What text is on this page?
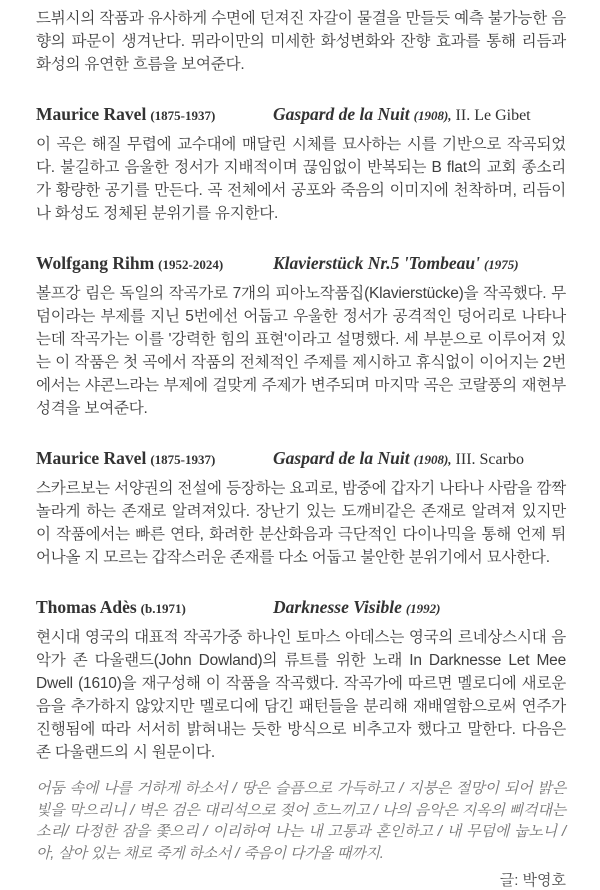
드뷔시의 작품과 유사하게 수면에 던져진 자갈이 물결을 만들듯 예측 불가능한 음향의 파문이 생겨난다. 뮈라이만의 미세한 화성변화와 잔향 효과를 통해 리듬과 화성의 유연한 흐름을 보여준다.

Maurice Ravel (1875-1937)	Gaspard de la Nuit (1908), II. Le Gibet

이 곡은 해질 무렵에 교수대에 매달린 시체를 묘사하는 시를 기반으로 작곡되었다. 불길하고 음울한 정서가 지배적이며 끊임없이 반복되는 B flat의 교회 종소리가 황량한 공기를 만든다. 곡 전체에서 공포와 죽음의 이미지에 천착하며, 리듬이나 화성도 정체된 분위기를 유지한다.

Wolfgang Rihm (1952-2024)	Klavierstück Nr.5 'Tombeau' (1975)

볼프강 림은 독일의 작곡가로 7개의 피아노작품집(Klavierstücke)을 작곡했다. 무덤이라는 부제를 지닌 5번에선 어둡고 우울한 정서가 공격적인 덩어리로 나타나는데 작곡가는 이를 '강력한 힘의 표현'이라고 설명했다. 세 부분으로 이루어져 있는 이 작품은 첫 곡에서 작품의 전체적인 주제를 제시하고 휴식없이 이어지는 2번에서는 샤콘느라는 부제에 걸맞게 주제가 변주되며 마지막 곡은 코랄풍의 재현부 성격을 보여준다.

Maurice Ravel (1875-1937)	Gaspard de la Nuit (1908), III. Scarbo

스카르보는 서양권의 전설에 등장하는 요괴로, 밤중에 갑자기 나타나 사람을 깜짝 놀라게 하는 존재로 알려져있다. 장난기 있는 도깨비같은 존재로 알려져 있지만 이 작품에서는 빠른 연타, 화려한 분산화음과 극단적인 다이나믹을 통해 언제 튀어나올 지 모르는 갑작스러운 존재를 다소 어둡고 불안한 분위기에서 묘사한다.

Thomas Adès (b.1971)	Darknesse Visible (1992)

현시대 영국의 대표적 작곡가중 하나인 토마스 아데스는 영국의 르네상스시대 음악가 존 다울랜드(John Dowland)의 류트를 위한 노래 In Darknesse Let Mee Dwell (1610)을 재구성해 이 작품을 작곡했다. 작곡가에 따르면 멜로디에 새로운 음을 추가하지 않았지만 멜로디에 담긴 패턴들을 분리해 재배열함으로써 연주가 진행됨에 따라 서서히 밝혀내는 듯한 방식으로 비추고자 했다고 말한다. 다음은 존 다울랜드의 시 원문이다.

어둠 속에 나를 거하게 하소서 / 땅은 슬픔으로 가득하고 / 지붕은 절망이 되어 밝은 빛을 막으리니 / 벽은 검은 대리석으로 젖어 흐느끼고 / 나의 음악은 지옥의 삐걱대는 소리/ 다정한 잠을 쫓으리 / 이리하여 나는 내 고통과 혼인하고 / 내 무덤에 눕노니 / 아, 살아 있는 채로 죽게 하소서 / 죽음이 다가올 때까지.

글: 박영호
